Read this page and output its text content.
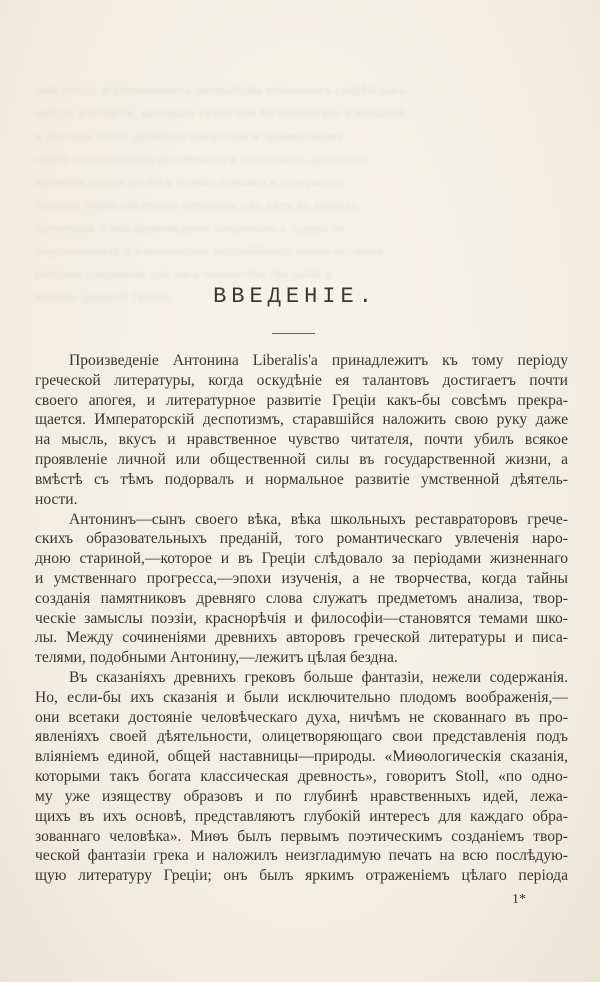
мой эпоси, и утонченность литературы отличались скорѣй какъ-
нибудь и отчасти, которыхъ стали при Историческое и изящной
и другихъ эпохъ древнихъ писателей и грамматиковъ
своей эпохи поэтовъ различныхъ и греческихъ древности
времени дошли до насъ только отрывки и содержаніе
трудовъ этихъ писателей которыхъ уже нѣтъ въ нашихъ
временахъ и ихъ произведенія сохранились только въ
переложеніяхъ и извлеченіяхъ позднѣйшихъ компиляторовъ
которые сохранили для насъ множество преданій и
миѳовъ древней Греціи.	ВВЕДЕНІЕ.
Произведеніе Антонина Liberalis'а принадлежитъ къ тому періоду
греческой литературы, когда оскудѣніе ея талантовъ достигаетъ почти
своего апогея, и литературное развитіе Греціи какъ-бы совсѣмъ прекра-
щается. Императорскій деспотизмъ, старавшійся наложить свою руку даже
на мысль, вкусъ и нравственное чувство читателя, почти убилъ всякое
проявленіе личной или общественной силы въ государственной жизни, а
вмѣстѣ съ тѣмъ подорвалъ и нормальное развитіе умственной дѣятель-
ности.
Антонинъ—сынъ своего вѣка, вѣка школьныхъ реставраторовъ грече-
скихъ образовательныхъ преданій, того романтическаго увлеченія наро-
дною стариной,—которое и въ Греціи слѣдовало за періодами жизненнаго
и умственнаго прогресса,—эпохи изученія, а не творчества, когда тайны
созданія памятниковъ древняго слова служатъ предметомъ анализа, твор-
ческіе замыслы поэзіи, краснорѣчія и философіи—становятся темами шко-
лы. Между сочиненіями древнихъ авторовъ греческой литературы и писа-
телями, подобными Антонину,—лежитъ цѣлая бездна.
Въ сказаніяхъ древнихъ грековъ больше фантазіи, нежели содержанія.
Но, если-бы ихъ сказанія и были исключительно плодомъ воображенія,—
они всетаки достояніе человѣческаго духа, ничѣмъ не скованнаго въ про-
явленіяхъ своей дѣятельности, олицетворяющаго свои представленія подъ
вліяніемъ единой, общей наставницы—природы. «Миѳологическія сказанія,
которыми такъ богата классическая древность», говоритъ Stoll, «по одно-
му уже изяществу образовъ и по глубинѣ нравственныхъ идей, лежа-
щихъ въ ихъ основѣ, представляютъ глубокій интересъ для каждаго обра-
зованнаго человѣка». Миѳъ былъ первымъ поэтическимъ созданіемъ твор-
ческой фантазіи грека и наложилъ неизгладимую печать на всю послѣдую-
щую литературу Греціи; онъ былъ яркимъ отраженіемъ цѣлаго періода
1*
